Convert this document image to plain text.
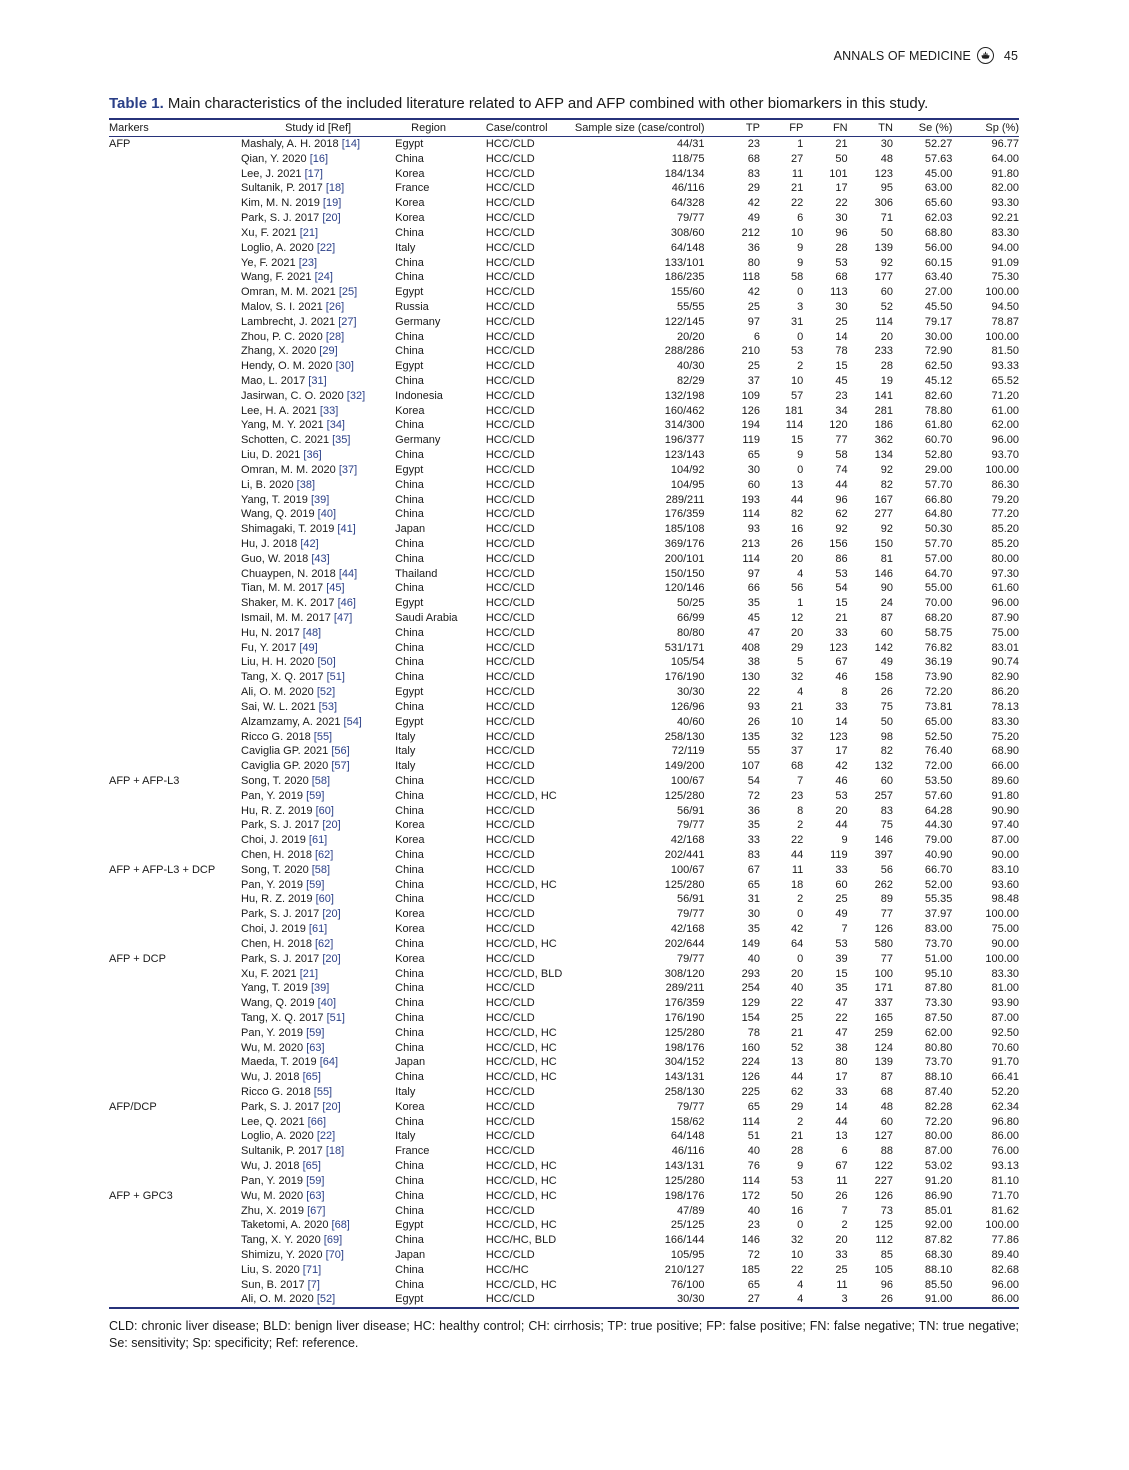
ANNALS OF MEDICINE	45
Table 1. Main characteristics of the included literature related to AFP and AFP combined with other biomarkers in this study.
Markers	Study id [Ref]	Region	Case/control	Sample size (case/control)	TP	FP	FN	TN	Se (%)	Sp (%)

AFP	Mashaly, A. H. 2018 [14]	Egypt	HCC/CLD	44/31	23	1	21	30	52.27	96.77
	Qian, Y. 2020 [16]	China	HCC/CLD	118/75	68	27	50	48	57.63	64.00
	Lee, J. 2021 [17]	Korea	HCC/CLD	184/134	83	11	101	123	45.00	91.80
	Sultanik, P. 2017 [18]	France	HCC/CLD	46/116	29	21	17	95	63.00	82.00
	Kim, M. N. 2019 [19]	Korea	HCC/CLD	64/328	42	22	22	306	65.60	93.30
	Park, S. J. 2017 [20]	Korea	HCC/CLD	79/77	49	6	30	71	62.03	92.21
	Xu, F. 2021 [21]	China	HCC/CLD	308/60	212	10	96	50	68.80	83.30
	Loglio, A. 2020 [22]	Italy	HCC/CLD	64/148	36	9	28	139	56.00	94.00
	Ye, F. 2021 [23]	China	HCC/CLD	133/101	80	9	53	92	60.15	91.09
	Wang, F. 2021 [24]	China	HCC/CLD	186/235	118	58	68	177	63.40	75.30
	Omran, M. M. 2021 [25]	Egypt	HCC/CLD	155/60	42	0	113	60	27.00	100.00
	Malov, S. I. 2021 [26]	Russia	HCC/CLD	55/55	25	3	30	52	45.50	94.50
	Lambrecht, J. 2021 [27]	Germany	HCC/CLD	122/145	97	31	25	114	79.17	78.87
	Zhou, P. C. 2020 [28]	China	HCC/CLD	20/20	6	0	14	20	30.00	100.00
	Zhang, X. 2020 [29]	China	HCC/CLD	288/286	210	53	78	233	72.90	81.50
	Hendy, O. M. 2020 [30]	Egypt	HCC/CLD	40/30	25	2	15	28	62.50	93.33
	Mao, L. 2017 [31]	China	HCC/CLD	82/29	37	10	45	19	45.12	65.52
	Jasirwan, C. O. 2020 [32]	Indonesia	HCC/CLD	132/198	109	57	23	141	82.60	71.20
	Lee, H. A. 2021 [33]	Korea	HCC/CLD	160/462	126	181	34	281	78.80	61.00
	Yang, M. Y. 2021 [34]	China	HCC/CLD	314/300	194	114	120	186	61.80	62.00
	Schotten, C. 2021 [35]	Germany	HCC/CLD	196/377	119	15	77	362	60.70	96.00
	Liu, D. 2021 [36]	China	HCC/CLD	123/143	65	9	58	134	52.80	93.70
	Omran, M. M. 2020 [37]	Egypt	HCC/CLD	104/92	30	0	74	92	29.00	100.00
	Li, B. 2020 [38]	China	HCC/CLD	104/95	60	13	44	82	57.70	86.30
	Yang, T. 2019 [39]	China	HCC/CLD	289/211	193	44	96	167	66.80	79.20
	Wang, Q. 2019 [40]	China	HCC/CLD	176/359	114	82	62	277	64.80	77.20
	Shimagaki, T. 2019 [41]	Japan	HCC/CLD	185/108	93	16	92	92	50.30	85.20
	Hu, J. 2018 [42]	China	HCC/CLD	369/176	213	26	156	150	57.70	85.20
	Guo, W. 2018 [43]	China	HCC/CLD	200/101	114	20	86	81	57.00	80.00
	Chuaypen, N. 2018 [44]	Thailand	HCC/CLD	150/150	97	4	53	146	64.70	97.30
	Tian, M. M. 2017 [45]	China	HCC/CLD	120/146	66	56	54	90	55.00	61.60
	Shaker, M. K. 2017 [46]	Egypt	HCC/CLD	50/25	35	1	15	24	70.00	96.00
	Ismail, M. M. 2017 [47]	Saudi Arabia	HCC/CLD	66/99	45	12	21	87	68.20	87.90
	Hu, N. 2017 [48]	China	HCC/CLD	80/80	47	20	33	60	58.75	75.00
	Fu, Y. 2017 [49]	China	HCC/CLD	531/171	408	29	123	142	76.82	83.01
	Liu, H. H. 2020 [50]	China	HCC/CLD	105/54	38	5	67	49	36.19	90.74
	Tang, X. Q. 2017 [51]	China	HCC/CLD	176/190	130	32	46	158	73.90	82.90
	Ali, O. M. 2020 [52]	Egypt	HCC/CLD	30/30	22	4	8	26	72.20	86.20
	Sai, W. L. 2021 [53]	China	HCC/CLD	126/96	93	21	33	75	73.81	78.13
	Alzamzamy, A. 2021 [54]	Egypt	HCC/CLD	40/60	26	10	14	50	65.00	83.30
	Ricco G. 2018 [55]	Italy	HCC/CLD	258/130	135	32	123	98	52.50	75.20
	Caviglia GP. 2021 [56]	Italy	HCC/CLD	72/119	55	37	17	82	76.40	68.90
	Caviglia GP. 2020 [57]	Italy	HCC/CLD	149/200	107	68	42	132	72.00	66.00
AFP + AFP-L3	Song, T. 2020 [58]	China	HCC/CLD	100/67	54	7	46	60	53.50	89.60
	Pan, Y. 2019 [59]	China	HCC/CLD, HC	125/280	72	23	53	257	57.60	91.80
	Hu, R. Z. 2019 [60]	China	HCC/CLD	56/91	36	8	20	83	64.28	90.90
	Park, S. J. 2017 [20]	Korea	HCC/CLD	79/77	35	2	44	75	44.30	97.40
	Choi, J. 2019 [61]	Korea	HCC/CLD	42/168	33	22	9	146	79.00	87.00
	Chen, H. 2018 [62]	China	HCC/CLD	202/441	83	44	119	397	40.90	90.00
AFP + AFP-L3 + DCP	Song, T. 2020 [58]	China	HCC/CLD	100/67	67	11	33	56	66.70	83.10
	Pan, Y. 2019 [59]	China	HCC/CLD, HC	125/280	65	18	60	262	52.00	93.60
	Hu, R. Z. 2019 [60]	China	HCC/CLD	56/91	31	2	25	89	55.35	98.48
	Park, S. J. 2017 [20]	Korea	HCC/CLD	79/77	30	0	49	77	37.97	100.00
	Choi, J. 2019 [61]	Korea	HCC/CLD	42/168	35	42	7	126	83.00	75.00
	Chen, H. 2018 [62]	China	HCC/CLD, HC	202/644	149	64	53	580	73.70	90.00
AFP + DCP	Park, S. J. 2017 [20]	Korea	HCC/CLD	79/77	40	0	39	77	51.00	100.00
	Xu, F. 2021 [21]	China	HCC/CLD, BLD	308/120	293	20	15	100	95.10	83.30
	Yang, T. 2019 [39]	China	HCC/CLD	289/211	254	40	35	171	87.80	81.00
	Wang, Q. 2019 [40]	China	HCC/CLD	176/359	129	22	47	337	73.30	93.90
	Tang, X. Q. 2017 [51]	China	HCC/CLD	176/190	154	25	22	165	87.50	87.00
	Pan, Y. 2019 [59]	China	HCC/CLD, HC	125/280	78	21	47	259	62.00	92.50
	Wu, M. 2020 [63]	China	HCC/CLD, HC	198/176	160	52	38	124	80.80	70.60
	Maeda, T. 2019 [64]	Japan	HCC/CLD, HC	304/152	224	13	80	139	73.70	91.70
	Wu, J. 2018 [65]	China	HCC/CLD, HC	143/131	126	44	17	87	88.10	66.41
	Ricco G. 2018 [55]	Italy	HCC/CLD	258/130	225	62	33	68	87.40	52.20
AFP/DCP	Park, S. J. 2017 [20]	Korea	HCC/CLD	79/77	65	29	14	48	82.28	62.34
	Lee, Q. 2021 [66]	China	HCC/CLD	158/62	114	2	44	60	72.20	96.80
	Loglio, A. 2020 [22]	Italy	HCC/CLD	64/148	51	21	13	127	80.00	86.00
	Sultanik, P. 2017 [18]	France	HCC/CLD	46/116	40	28	6	88	87.00	76.00
	Wu, J. 2018 [65]	China	HCC/CLD, HC	143/131	76	9	67	122	53.02	93.13
	Pan, Y. 2019 [59]	China	HCC/CLD, HC	125/280	114	53	11	227	91.20	81.10
AFP + GPC3	Wu, M. 2020 [63]	China	HCC/CLD, HC	198/176	172	50	26	126	86.90	71.70
	Zhu, X. 2019 [67]	China	HCC/CLD	47/89	40	16	7	73	85.01	81.62
	Taketomi, A. 2020 [68]	Egypt	HCC/CLD, HC	25/125	23	0	2	125	92.00	100.00
	Tang, X. Y. 2020 [69]	China	HCC/HC, BLD	166/144	146	32	20	112	87.82	77.86
	Shimizu, Y. 2020 [70]	Japan	HCC/CLD	105/95	72	10	33	85	68.30	89.40
	Liu, S. 2020 [71]	China	HCC/HC	210/127	185	22	25	105	88.10	82.68
	Sun, B. 2017 [7]	China	HCC/CLD, HC	76/100	65	4	11	96	85.50	96.00
	Ali, O. M. 2020 [52]	Egypt	HCC/CLD	30/30	27	4	3	26	91.00	86.00
CLD: chronic liver disease; BLD: benign liver disease; HC: healthy control; CH: cirrhosis; TP: true positive; FP: false positive; FN: false negative; TN: true negative; Se: sensitivity; Sp: specificity; Ref: reference.
